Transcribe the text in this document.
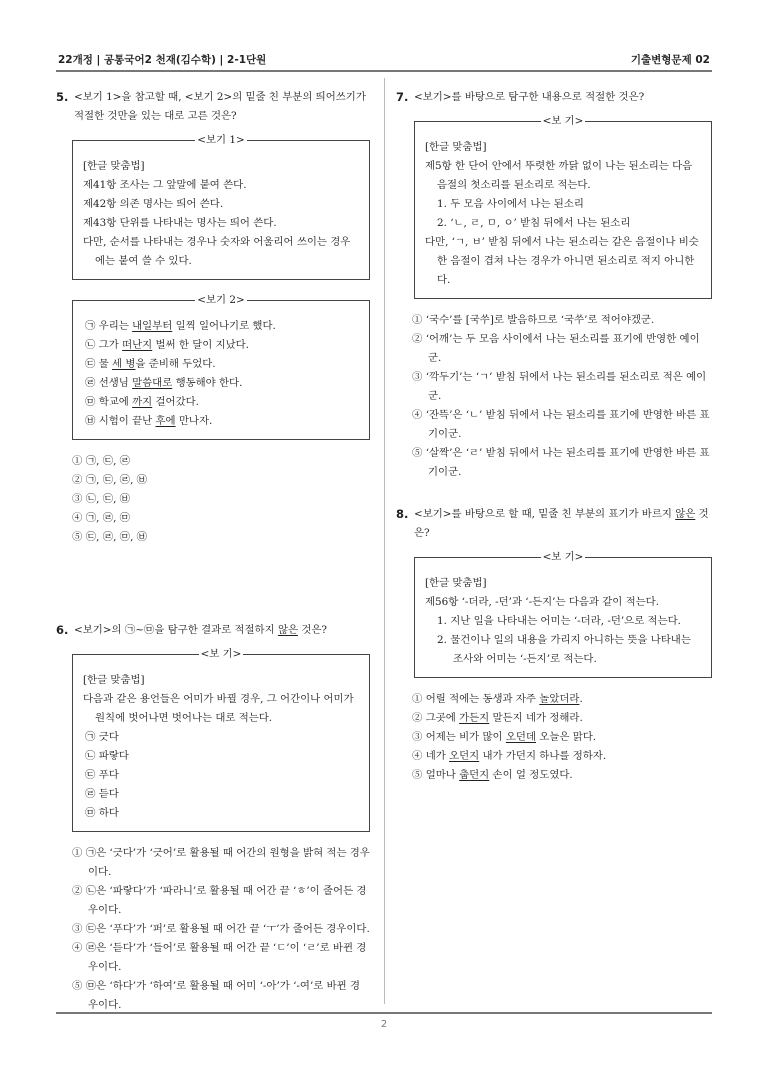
22개정 | 공통국어2 천재(김수학) | 2-1단원	기출변형문제 02
5. <보기 1>을 참고할 때, <보기 2>의 밑줄 친 부분의 띄어쓰기가 적절한 것만을 있는 대로 고른 것은?
<보기 1>
[한글 맞춤법]
제41항 조사는 그 앞말에 붙여 쓴다.
제42항 의존 명사는 띄어 쓴다.
제43항 단위를 나타내는 명사는 띄어 쓴다.
다만, 순서를 나타내는 경우나 숫자와 어울리어 쓰이는 경우에는 붙여 쓸 수 있다.
<보기 2>
㉠ 우리는 내일부터 일찍 일어나기로 했다.
㉡ 그가 떠난지 벌써 한 달이 지났다.
㉢ 물 세 병을 준비해 두었다.
㉣ 선생님 말씀대로 행동해야 한다.
㉤ 학교에 까지 걸어갔다.
㉥ 시험이 끝난 후에 만나자.
① ㉠, ㉢, ㉣
② ㉠, ㉢, ㉣, ㉥
③ ㉡, ㉢, ㉥
④ ㉠, ㉣, ㉤
⑤ ㉢, ㉣, ㉤, ㉥
6. <보기>의 ㉠~㉤을 탐구한 결과로 적절하지 않은 것은?
<보 기>
[한글 맞춤법]
다음과 같은 용언들은 어미가 바뀔 경우, 그 어간이나 어미가 원칙에 벗어나면 벗어나는 대로 적는다.
㉠ 긋다
㉡ 파랗다
㉢ 푸다
㉣ 듣다
㉤ 하다
① ㉠은 ‘긋다’가 ‘긋어’로 활용될 때 어간의 원형을 밝혀 적는 경우이다.
② ㉡은 ‘파랗다’가 ‘파라니’로 활용될 때 어간 끝 ‘ㅎ’이 줄어든 경우이다.
③ ㉢은 ‘푸다’가 ‘퍼’로 활용될 때 어간 끝 ‘ㅜ’가 줄어든 경우이다.
④ ㉣은 ‘듣다’가 ‘들어’로 활용될 때 어간 끝 ‘ㄷ’이 ‘ㄹ’로 바뀐 경우이다.
⑤ ㉤은 ‘하다’가 ‘하여’로 활용될 때 어미 ‘-아’가 ‘-여’로 바뀐 경우이다.
7. <보기>를 바탕으로 탐구한 내용으로 적절한 것은?
<보 기>
[한글 맞춤법]
제5항 한 단어 안에서 뚜렷한 까닭 없이 나는 된소리는 다음 음절의 첫소리를 된소리로 적는다.
1. 두 모음 사이에서 나는 된소리
2. ‘ㄴ, ㄹ, ㅁ, ㅇ’ 받침 뒤에서 나는 된소리
다만, ‘ㄱ, ㅂ’ 받침 뒤에서 나는 된소리는 같은 음절이나 비슷한 음절이 겹쳐 나는 경우가 아니면 된소리로 적지 아니한다.
① ‘국수’를 [국쑤]로 발음하므로 ‘국쑤’로 적어야겠군.
② ‘어깨’는 두 모음 사이에서 나는 된소리를 표기에 반영한 예이군.
③ ‘깍두기’는 ‘ㄱ’ 받침 뒤에서 나는 된소리를 된소리로 적은 예이군.
④ ‘잔뜩’은 ‘ㄴ’ 받침 뒤에서 나는 된소리를 표기에 반영한 바른 표기이군.
⑤ ‘살짝’은 ‘ㄹ’ 받침 뒤에서 나는 된소리를 표기에 반영한 바른 표기이군.
8. <보기>를 바탕으로 할 때, 밑줄 친 부분의 표기가 바르지 않은 것은?
<보 기>
[한글 맞춤법]
제56항 ‘-더라, -던’과 ‘-든지’는 다음과 같이 적는다.
1. 지난 일을 나타내는 어미는 ‘-더라, -던’으로 적는다.
2. 물건이나 일의 내용을 가리지 아니하는 뜻을 나타내는 조사와 어미는 ‘-든지’로 적는다.
① 어릴 적에는 동생과 자주 놀았더라.
② 그곳에 가든지 말든지 네가 정해라.
③ 어제는 비가 많이 오던데 오늘은 맑다.
④ 네가 오던지 내가 가던지 하나를 정하자.
⑤ 얼마나 춥던지 손이 얼 정도였다.
2
